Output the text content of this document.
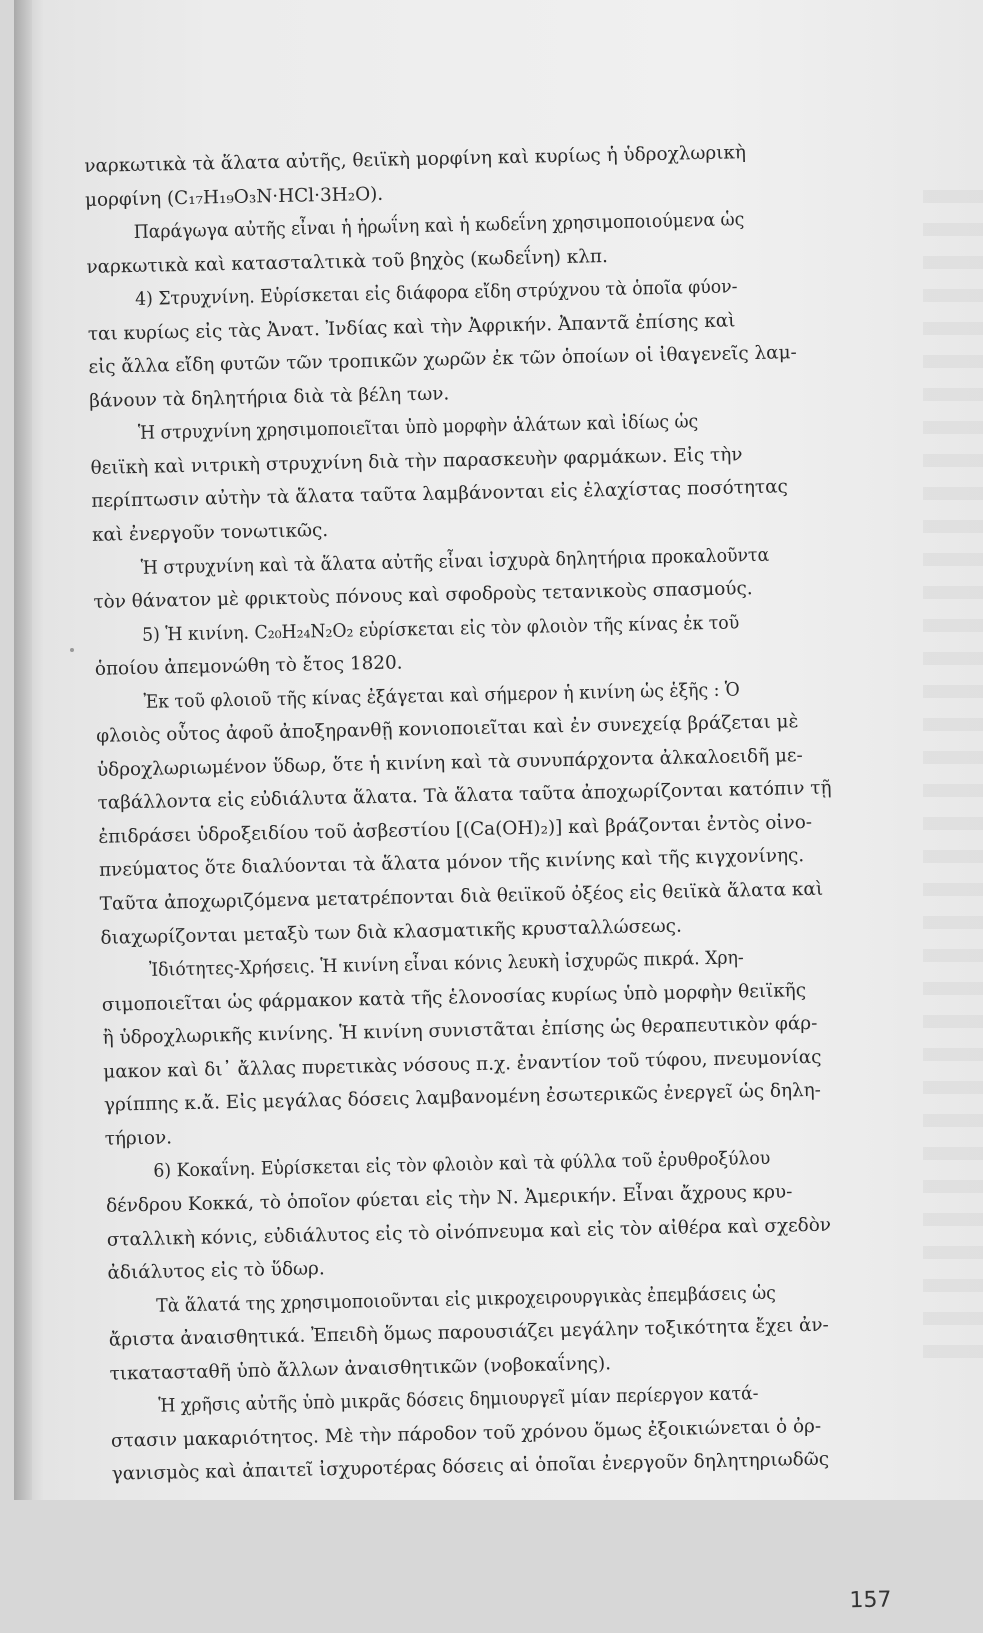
ναρκωτικὰ τὰ ἅλατα αὐτῆς, θειϊκὴ μορφίνη καὶ κυρίως ἡ ὑδροχλωρικὴ
μορφίνη (C₁₇H₁₉O₃N·HCl·3H₂O).
Παράγωγα αὐτῆς εἶναι ἡ ἡρωΐνη καὶ ἡ κωδεΐνη χρησιμοποιούμενα ὡς
ναρκωτικὰ καὶ κατασταλτικὰ τοῦ βηχὸς (κωδεΐνη) κλπ.
4) Στρυχνίνη. Εὑρίσκεται εἰς διάφορα εἴδη στρύχνου τὰ ὁποῖα φύον-
ται κυρίως εἰς τὰς Ἀνατ. Ἰνδίας καὶ τὴν Ἀφρικήν. Ἀπαντᾶ ἐπίσης καὶ
εἰς ἄλλα εἴδη φυτῶν τῶν τροπικῶν χωρῶν ἐκ τῶν ὁποίων οἱ ἰθαγενεῖς λαμ-
βάνουν τὰ δηλητήρια διὰ τὰ βέλη των.
Ἡ στρυχνίνη χρησιμοποιεῖται ὑπὸ μορφὴν ἁλάτων καὶ ἰδίως ὡς
θειϊκὴ καὶ νιτρικὴ στρυχνίνη διὰ τὴν παρασκευὴν φαρμάκων. Εἰς τὴν
περίπτωσιν αὐτὴν τὰ ἅλατα ταῦτα λαμβάνονται εἰς ἐλαχίστας ποσότητας
καὶ ἐνεργοῦν τονωτικῶς.
Ἡ στρυχνίνη καὶ τὰ ἅλατα αὐτῆς εἶναι ἰσχυρὰ δηλητήρια προκαλοῦντα
τὸν θάνατον μὲ φρικτοὺς πόνους καὶ σφοδροὺς τετανικοὺς σπασμούς.
5) Ἡ κινίνη. C₂₀H₂₄N₂O₂ εὑρίσκεται εἰς τὸν φλοιὸν τῆς κίνας ἐκ τοῦ
ὁποίου ἀπεμονώθη τὸ ἔτος 1820.
Ἐκ τοῦ φλοιοῦ τῆς κίνας ἐξάγεται καὶ σήμερον ἡ κινίνη ὡς ἑξῆς : Ὁ
φλοιὸς οὗτος ἀφοῦ ἀποξηρανθῇ κονιοποιεῖται καὶ ἐν συνεχείᾳ βράζεται μὲ
ὑδροχλωριωμένον ὕδωρ, ὅτε ἡ κινίνη καὶ τὰ συνυπάρχοντα ἀλκαλοειδῆ με-
ταβάλλοντα εἰς εὐδιάλυτα ἅλατα. Τὰ ἅλατα ταῦτα ἀποχωρίζονται κατόπιν τῇ
ἐπιδράσει ὑδροξειδίου τοῦ ἀσβεστίου [(Ca(OH)₂)] καὶ βράζονται ἐντὸς οἰνο-
πνεύματος ὅτε διαλύονται τὰ ἅλατα μόνον τῆς κινίνης καὶ τῆς κιγχονίνης.
Ταῦτα ἀποχωριζόμενα μετατρέπονται διὰ θειϊκοῦ ὀξέος εἰς θειϊκὰ ἅλατα καὶ
διαχωρίζονται μεταξὺ των διὰ κλασματικῆς κρυσταλλώσεως.
Ἰδιότητες-Χρήσεις. Ἡ κινίνη εἶναι κόνις λευκὴ ἰσχυρῶς πικρά. Χρη-
σιμοποιεῖται ὡς φάρμακον κατὰ τῆς ἑλονοσίας κυρίως ὑπὸ μορφὴν θειϊκῆς
ἢ ὑδροχλωρικῆς κινίνης. Ἡ κινίνη συνιστᾶται ἐπίσης ὡς θεραπευτικὸν φάρ-
μακον καὶ δι᾽ ἄλλας πυρετικὰς νόσους π.χ. ἐναντίον τοῦ τύφου, πνευμονίας
γρίππης κ.ἄ. Εἰς μεγάλας δόσεις λαμβανομένη ἐσωτερικῶς ἐνεργεῖ ὡς δηλη-
τήριον.
6) Κοκαΐνη. Εὑρίσκεται εἰς τὸν φλοιὸν καὶ τὰ φύλλα τοῦ ἐρυθροξύλου
δένδρου Κοκκά, τὸ ὁποῖον φύεται εἰς τὴν Ν. Ἀμερικήν. Εἶναι ἄχρους κρυ-
σταλλικὴ κόνις, εὐδιάλυτος εἰς τὸ οἰνόπνευμα καὶ εἰς τὸν αἰθέρα καὶ σχεδὸν
ἀδιάλυτος εἰς τὸ ὕδωρ.
Τὰ ἅλατά της χρησιμοποιοῦνται εἰς μικροχειρουργικὰς ἐπεμβάσεις ὡς
ἄριστα ἀναισθητικά. Ἐπειδὴ ὅμως παρουσιάζει μεγάλην τοξικότητα ἔχει ἀν-
τικατασταθῆ ὑπὸ ἄλλων ἀναισθητικῶν (νοβοκαΐνης).
Ἡ χρῆσις αὐτῆς ὑπὸ μικρᾶς δόσεις δημιουργεῖ μίαν περίεργον κατά-
στασιν μακαριότητος. Μὲ τὴν πάροδον τοῦ χρόνου ὅμως ἐξοικιώνεται ὁ ὀρ-
γανισμὸς καὶ ἀπαιτεῖ ἰσχυροτέρας δόσεις αἱ ὁποῖαι ἐνεργοῦν δηλητηριωδῶς
157
